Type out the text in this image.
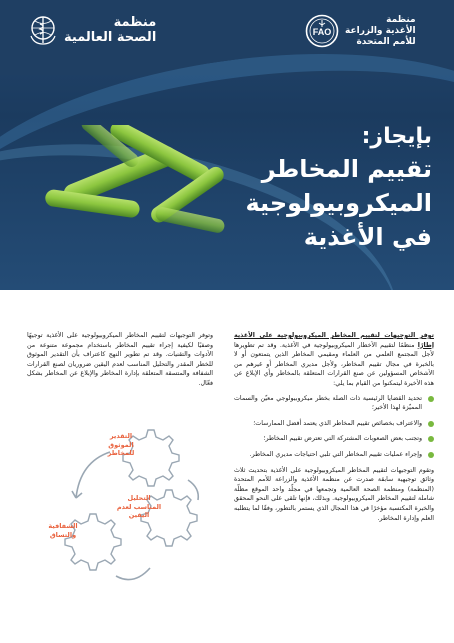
منظمة
الأغذية والزراعة
للأمم المتحدة
FAO
منظمة
الصحة العالمية
بإيجاز:
تقييم المخاطر
الميكروبيولوجية
في الأغذية

توفر التوجيهات لتقييم المخاطر الميكروبيولوجية على الأغذية إطارًا منظمًا لتقييم الأخطار الميكروبيولوجية في الأغذية. وقد تم تطويرها لأجل المجتمع العلمي من العلماء ومقيمي المخاطر الذين يتمتعون أو لا بالخبرة في مجال تقييم المخاطر، ولأجل مديري المخاطر أو غيرهم من الأشخاص المسؤولين عن صنع القرارات المتعلقة بالمخاطر وأي الإبلاغ عن هذه الأخيرة ليتمكنوا من القيام بما يلي:

تحديد القضايا الرئيسية ذات الصلة بخطر ميكروبيولوجي معيّن والسمات المميّزة لهذا الأخير؛
والاعتراف بخصائص تقييم المخاطر الذي يعتمد أفضل الممارسات؛
وتجنب بعض الصعوبات المشتركة التي تعترض تقييم المخاطر؛
وإجراء عمليات تقييم المخاطر التي تلبي احتياجات مديري المخاطر.

وتقوم التوجيهات لتقييم المخاطر الميكروبيولوجية على الأغذية بتحديث ثلاث وثائق توجيهية سابقة صدرت عن منظمة الأغذية والزراعة للأمم المتحدة (المنظمة) ومنظمة الصحة العالمية وتجمعها في مجلّد واحد الموقع مظلّة شاملة لتقييم المخاطر الميكروبيولوجية. وبذلك، فإنها تلقى على النحو المحقق والخبرة المكتسبة مؤخرًا في هذا المجال الذي يستمر بالتطور، وفقًا لما يتطلبه العلم وإدارة المخاطر.

وتوفر التوجيهات لتقييم المخاطر الميكروبيولوجية على الأغذية توجيهًا وصفيًا لكيفية إجراء تقييم المخاطر باستخدام مجموعة متنوعة من الأدوات والتقنيات. وقد تم تطوير النهج كاعتراف بأن التقدير الموثوق للخطر المقدر والتحليل المناسب لعدم اليقين ضروريان لصنع القرارات الشفافة والمتسقة المتعلقة بإدارة المخاطر والإبلاغ عن المخاطر بشكل فعّال.

التقدير
الموثوق
للمخاطر
التحليل
المناسب لعدم
اليقين
الشفافية
والتساق
